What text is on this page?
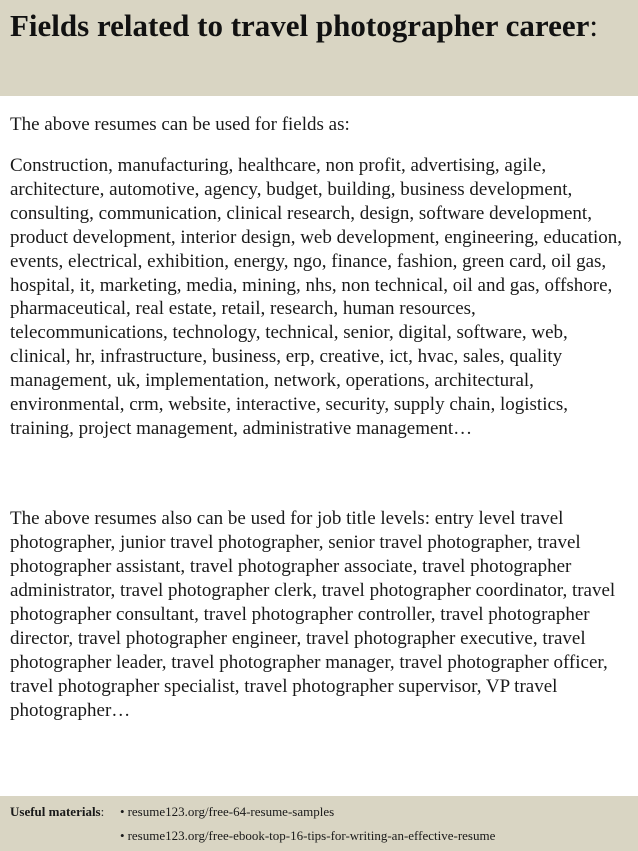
Fields related to travel photographer career:

The above resumes can be used for fields as:

Construction, manufacturing, healthcare, non profit, advertising, agile, architecture, automotive, agency, budget, building, business development, consulting, communication, clinical research, design, software development, product development, interior design, web development, engineering, education, events, electrical, exhibition, energy, ngo, finance, fashion, green card, oil gas, hospital, it, marketing, media, mining, nhs, non technical, oil and gas, offshore, pharmaceutical, real estate, retail, research, human resources, telecommunications, technology, technical, senior, digital, software, web, clinical, hr, infrastructure, business, erp, creative, ict, hvac, sales, quality management, uk, implementation, network, operations, architectural, environmental, crm, website, interactive, security, supply chain, logistics, training, project management, administrative management…

The above resumes also can be used for job title levels: entry level travel photographer, junior travel photographer, senior travel photographer, travel photographer assistant, travel photographer associate, travel photographer administrator, travel photographer clerk, travel photographer coordinator, travel photographer consultant, travel photographer controller, travel photographer director, travel photographer engineer, travel photographer executive, travel photographer leader, travel photographer manager, travel photographer officer, travel photographer specialist, travel photographer supervisor, VP travel photographer…

Useful materials: • resume123.org/free-64-resume-samples
• resume123.org/free-ebook-top-16-tips-for-writing-an-effective-resume
